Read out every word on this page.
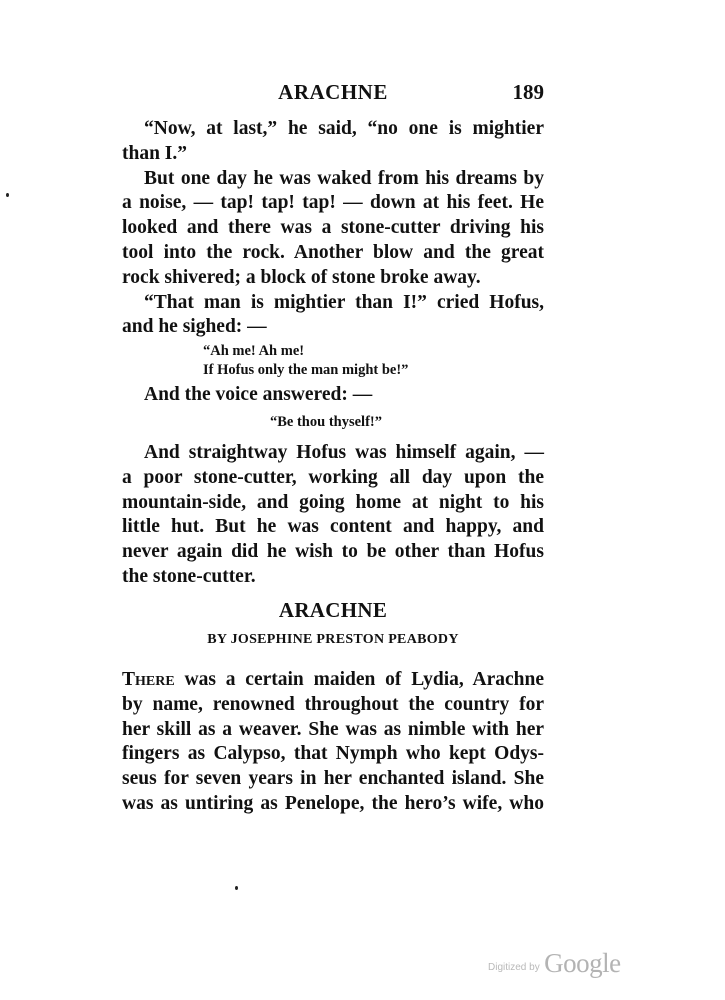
ARACHNE	189

“Now, at last,” he said, “no one is mightier

than I.”

But one day he was waked from his dreams by
a noise, — tap! tap! tap! — down at his feet. He
looked and there was a stone-cutter driving his
tool into the rock. Another blow and the great
rock shivered; a block of stone broke away.

“That man is mightier than I!” cried Hofus,
and he sighed: —

“Ah me! Ah me!
If Hofus only the man might be!”

And the voice answered: —

“Be thou thyself!”

And straightway Hofus was himself again, —
a poor stone-cutter, working all day upon the
mountain-side, and going home at night to his
little hut. But he was content and happy, and
never again did he wish to be other than Hofus
the stone-cutter.

ARACHNE
BY JOSEPHINE PRESTON PEABODY

There was a certain maiden of Lydia, Arachne
by name, renowned throughout the country for
her skill as a weaver. She was as nimble with her
fingers as Calypso, that Nymph who kept Odys-
seus for seven years in her enchanted island. She
was as untiring as Penelope, the hero’s wife, who

Digitized by Google
